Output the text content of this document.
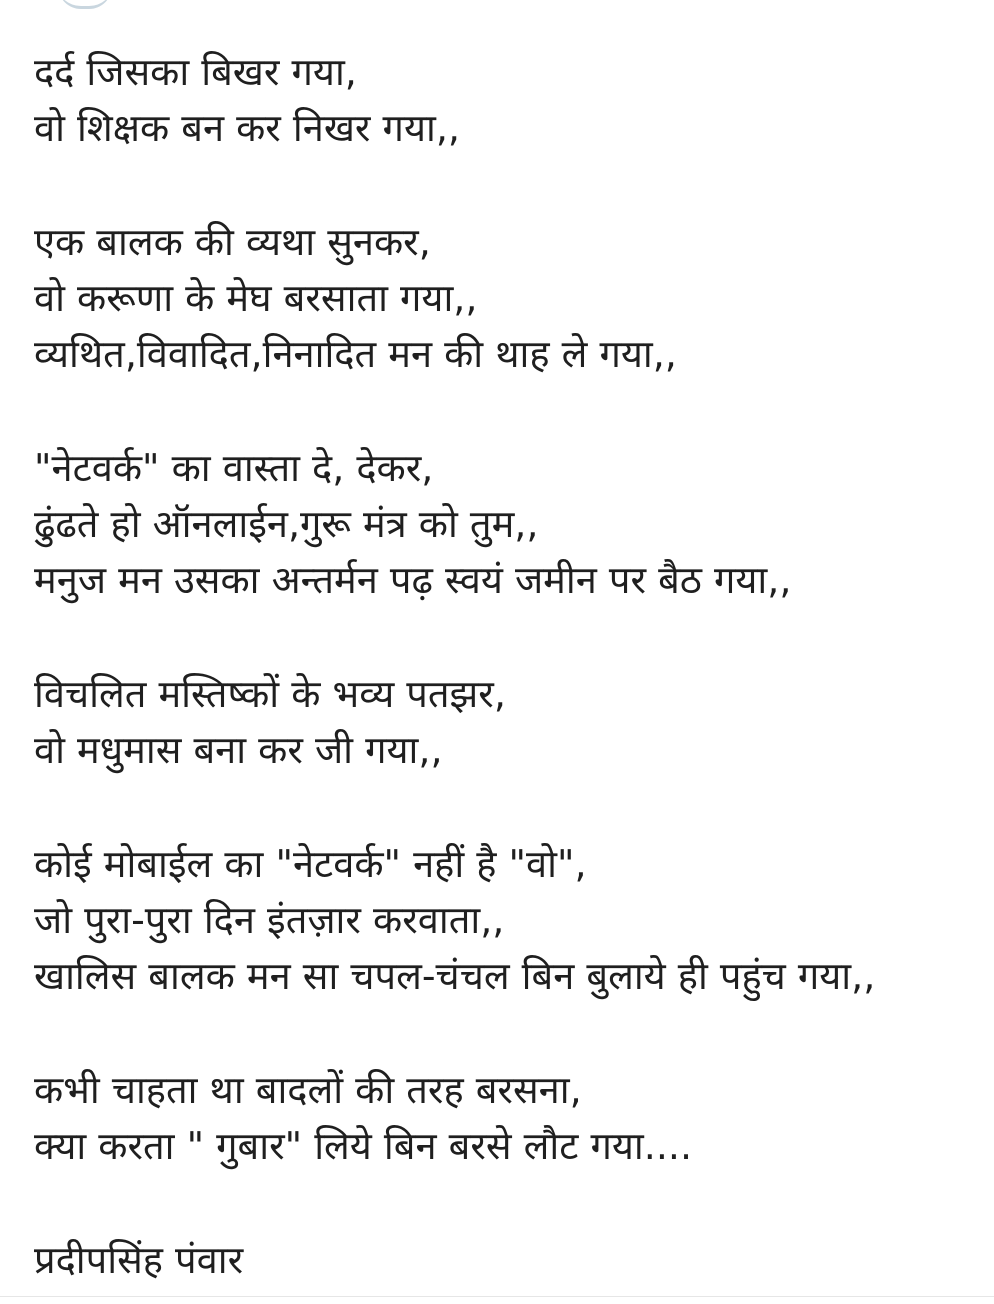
दर्द जिसका बिखर गया,
वो शिक्षक बन कर निखर गया,,
एक बालक की व्यथा सुनकर,
वो करूणा के मेघ बरसाता गया,,
व्यथित,विवादित,निनादित मन की थाह ले गया,,
"नेटवर्क" का वास्ता दे, देकर,
ढुंढते हो ऑनलाईन,गुरू मंत्र को तुम,,
मनुज मन उसका अन्तर्मन पढ़ स्वयं जमीन पर बैठ गया,,
विचलित मस्तिष्कों के भव्य पतझर,
वो मधुमास बना कर जी गया,,
कोई मोबाईल का "नेटवर्क" नहीं है "वो",
जो पुरा-पुरा दिन इंतज़ार करवाता,,
खालिस बालक मन सा चपल-चंचल बिन बुलाये ही पहुंच गया,,
कभी चाहता था बादलों की तरह बरसना,
क्या करता " गुबार" लिये बिन बरसे लौट गया....
प्रदीपसिंह पंवार
